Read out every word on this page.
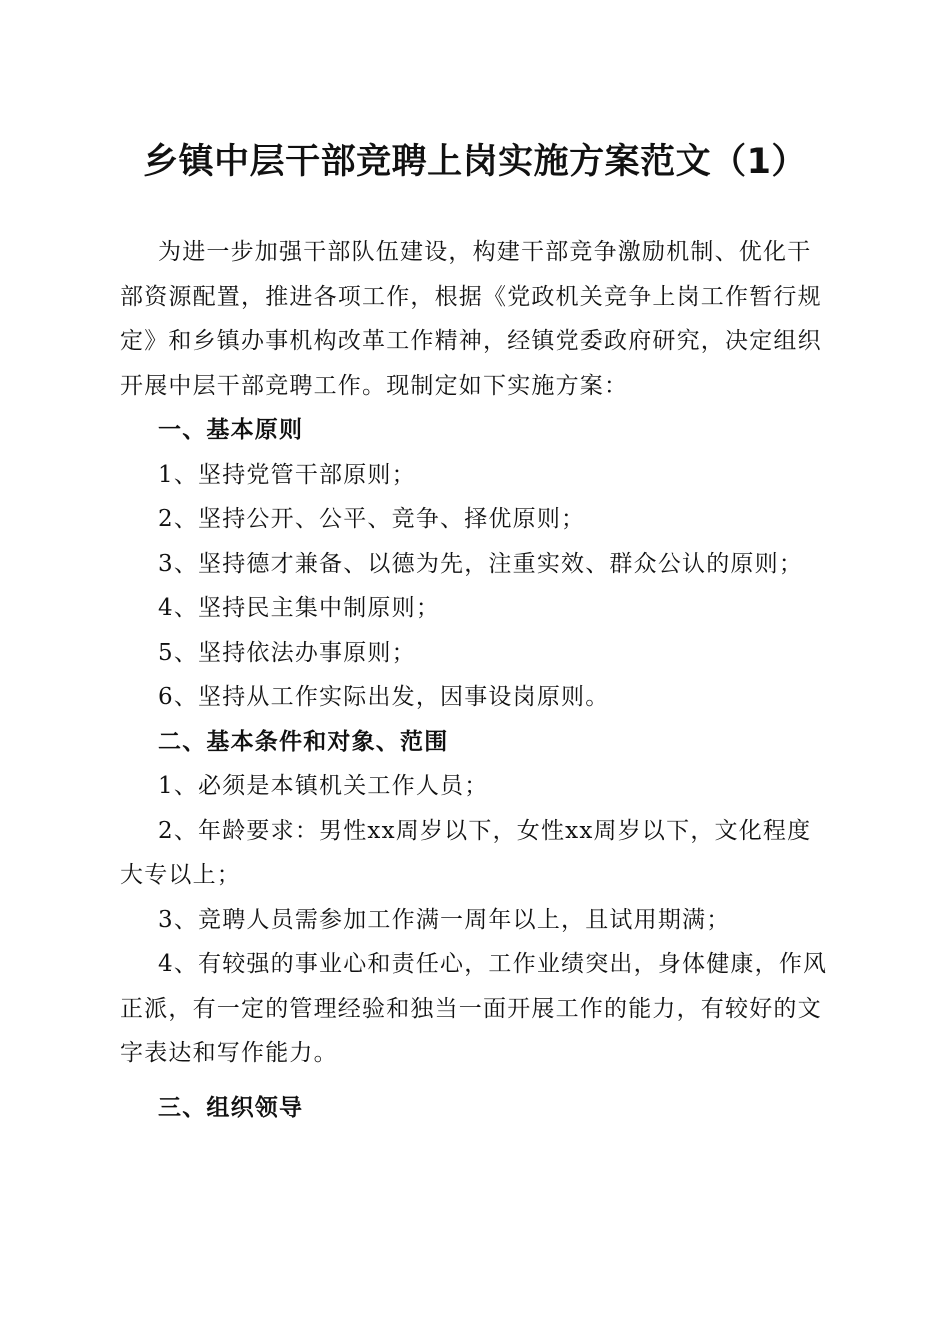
乡镇中层干部竞聘上岗实施方案范文（1）

为进一步加强干部队伍建设，构建干部竞争激励机制、优化干部资源配置，推进各项工作，根据《党政机关竞争上岗工作暂行规定》和乡镇办事机构改革工作精神，经镇党委政府研究，决定组织开展中层干部竞聘工作。现制定如下实施方案：

一、基本原则

1、坚持党管干部原则；

2、坚持公开、公平、竞争、择优原则；

3、坚持德才兼备、以德为先，注重实效、群众公认的原则；

4、坚持民主集中制原则；

5、坚持依法办事原则；

6、坚持从工作实际出发，因事设岗原则。

二、基本条件和对象、范围

1、必须是本镇机关工作人员；

2、年龄要求：男性xx周岁以下，女性xx周岁以下，文化程度大专以上；

3、竞聘人员需参加工作满一周年以上，且试用期满；

4、有较强的事业心和责任心，工作业绩突出，身体健康，作风正派，有一定的管理经验和独当一面开展工作的能力，有较好的文字表达和写作能力。

三、组织领导
